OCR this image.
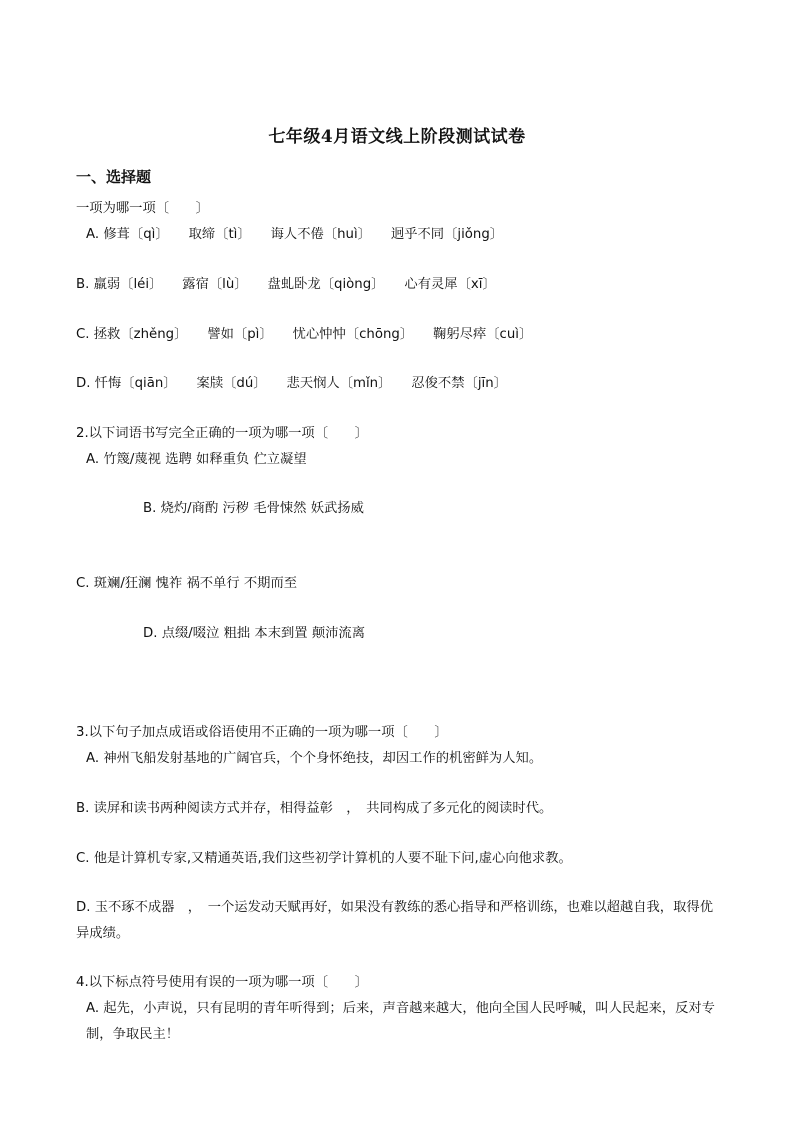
七年级4月语文线上阶段测试试卷
一、选择题
一项为哪一项〔　　〕
A. 修葺〔qì〕　　取缔〔tì〕　　诲人不倦〔huì〕　　迥乎不同〔jiǒng〕
B. 羸弱〔léi〕　　露宿〔lù〕　　盘虬卧龙〔qiòng〕　　心有灵犀〔xī〕
C. 拯救〔zhěng〕　　譬如〔pì〕　　忧心忡忡〔chōng〕　　鞠躬尽瘁〔cuì〕
D. 忏悔〔qiān〕　　案牍〔dú〕　　悲天悯人〔mǐn〕　　忍俊不禁〔jīn〕
2.以下词语书写完全正确的一项为哪一项〔　　〕
A. 竹篾/蔑视 选聘 如释重负 伫立凝望
B. 烧灼/商酌 污秽 毛骨悚然 妖武扬威
C. 斑斓/狂澜 愧祚 祸不单行 不期而至
D. 点缀/啜泣 粗拙 本末到置 颠沛流离
3.以下句子加点成语或俗语使用不正确的一项为哪一项〔　　〕
A. 神州飞船发射基地的广阔官兵，个个身怀绝技，却因工作的机密鲜为人知。
B. 读屏和读书两种阅读方式并存，相得益彰　，　共同构成了多元化的阅读时代。
C. 他是计算机专家,又精通英语,我们这些初学计算机的人要不耻下问,虚心向他求教。
D. 玉不琢不成器　，　一个运发动天赋再好，如果没有教练的悉心指导和严格训练，也难以超越自我，取得优异成绩。
4.以下标点符号使用有误的一项为哪一项〔　　〕
A. 起先，小声说，只有昆明的青年听得到；后来，声音越来越大，他向全国人民呼喊，叫人民起来，反对专制，争取民主！
